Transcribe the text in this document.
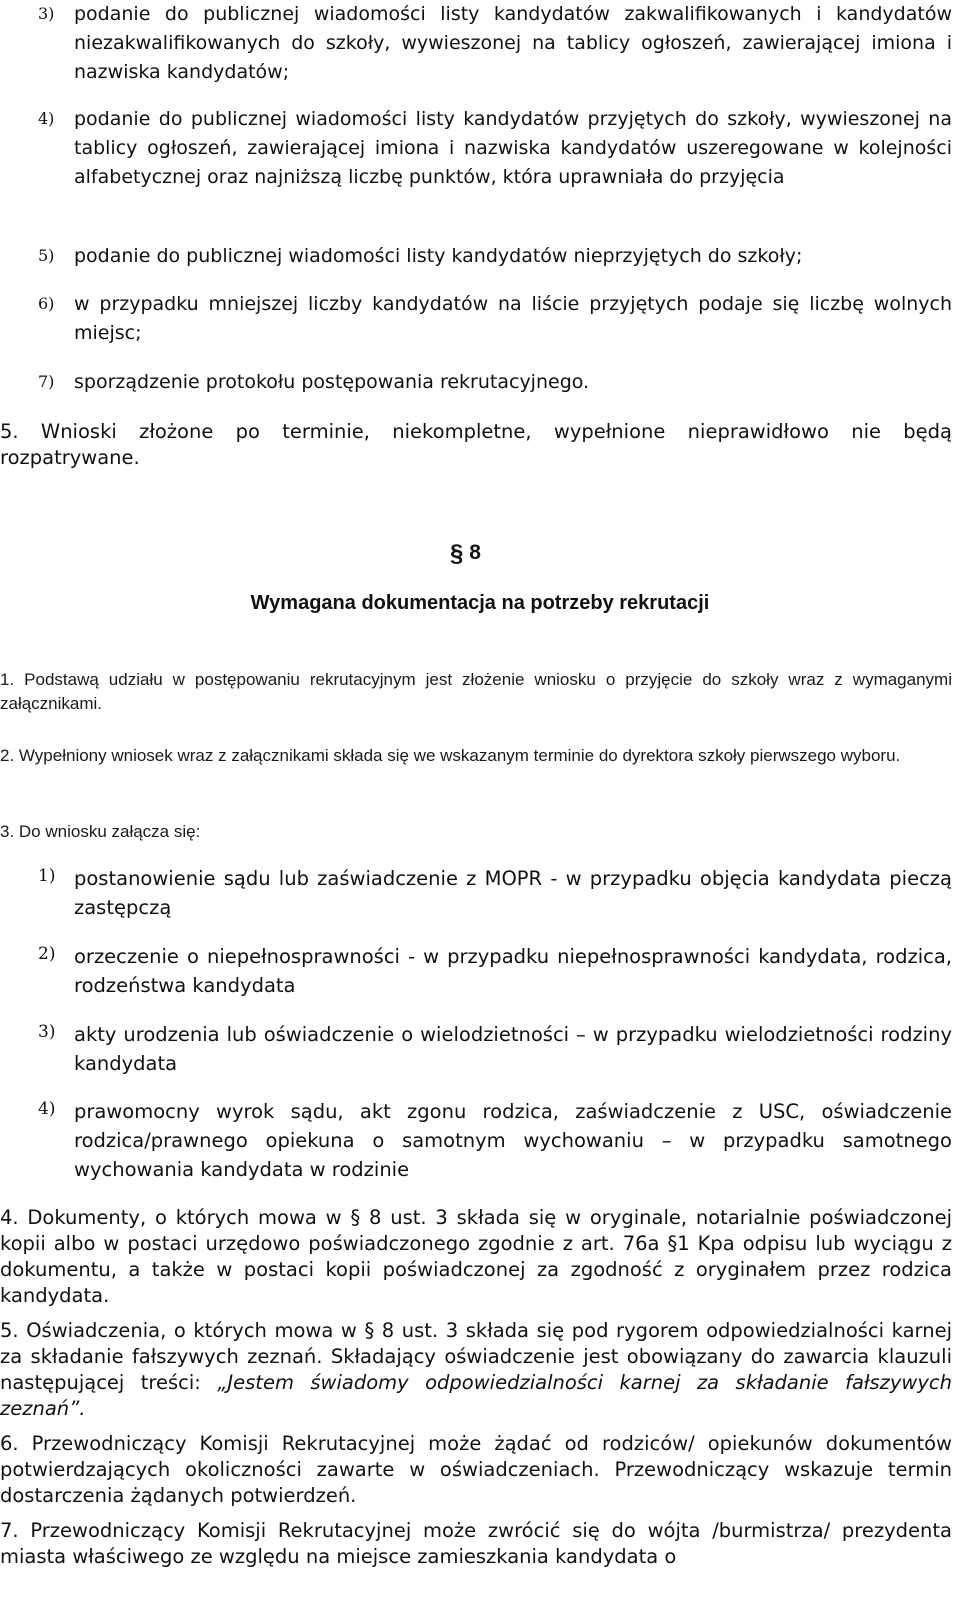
3) podanie do publicznej wiadomości listy kandydatów zakwalifikowanych i kandydatów niezakwalifikowanych do szkoły, wywieszonej na tablicy ogłoszeń, zawierającej imiona i nazwiska kandydatów;
4) podanie do publicznej wiadomości listy kandydatów przyjętych do szkoły, wywieszonej na tablicy ogłoszeń, zawierającej imiona i nazwiska kandydatów uszeregowane w kolejności alfabetycznej oraz najniższą liczbę punktów, która uprawniała do przyjęcia
5) podanie do publicznej wiadomości listy kandydatów nieprzyjętych do szkoły;
6) w przypadku mniejszej liczby kandydatów na liście przyjętych podaje się liczbę wolnych miejsc;
7) sporządzenie protokołu postępowania rekrutacyjnego.
5. Wnioski złożone po terminie, niekompletne, wypełnione nieprawidłowo nie będą rozpatrywane.
§ 8
Wymagana dokumentacja na potrzeby rekrutacji
1. Podstawą udziału w postępowaniu rekrutacyjnym jest złożenie wniosku o przyjęcie do szkoły wraz z wymaganymi załącznikami.
2. Wypełniony wniosek wraz z załącznikami składa się we wskazanym terminie do dyrektora szkoły pierwszego wyboru.
3. Do wniosku załącza się:
1) postanowienie sądu lub zaświadczenie z MOPR - w przypadku objęcia kandydata pieczą zastępczą
2) orzeczenie o niepełnosprawności - w przypadku niepełnosprawności kandydata, rodzica, rodzeństwa kandydata
3) akty urodzenia lub oświadczenie o wielodzietności – w przypadku wielodzietności rodziny kandydata
4) prawomocny wyrok sądu, akt zgonu rodzica, zaświadczenie z USC, oświadczenie rodzica/prawnego opiekuna o samotnym wychowaniu – w przypadku samotnego wychowania kandydata w rodzinie
4. Dokumenty, o których mowa w § 8 ust. 3 składa się w oryginale, notarialnie poświadczonej kopii albo w postaci urzędowo poświadczonego zgodnie z art. 76a §1 Kpa odpisu lub wyciągu z dokumentu, a także w postaci kopii poświadczonej za zgodność z oryginałem przez rodzica kandydata.
5. Oświadczenia, o których mowa w § 8 ust. 3 składa się pod rygorem odpowiedzialności karnej za składanie fałszywych zeznań. Składający oświadczenie jest obowiązany do zawarcia klauzuli następującej treści: „Jestem świadomy odpowiedzialności karnej za składanie fałszywych zeznań”.
6. Przewodniczący Komisji Rekrutacyjnej może żądać od rodziców/ opiekunów dokumentów potwierdzających okoliczności zawarte w oświadczeniach. Przewodniczący wskazuje termin dostarczenia żądanych potwierdzeń.
7. Przewodniczący Komisji Rekrutacyjnej może zwrócić się do wójta /burmistrza/ prezydenta miasta właściwego ze względu na miejsce zamieszkania kandydata o
